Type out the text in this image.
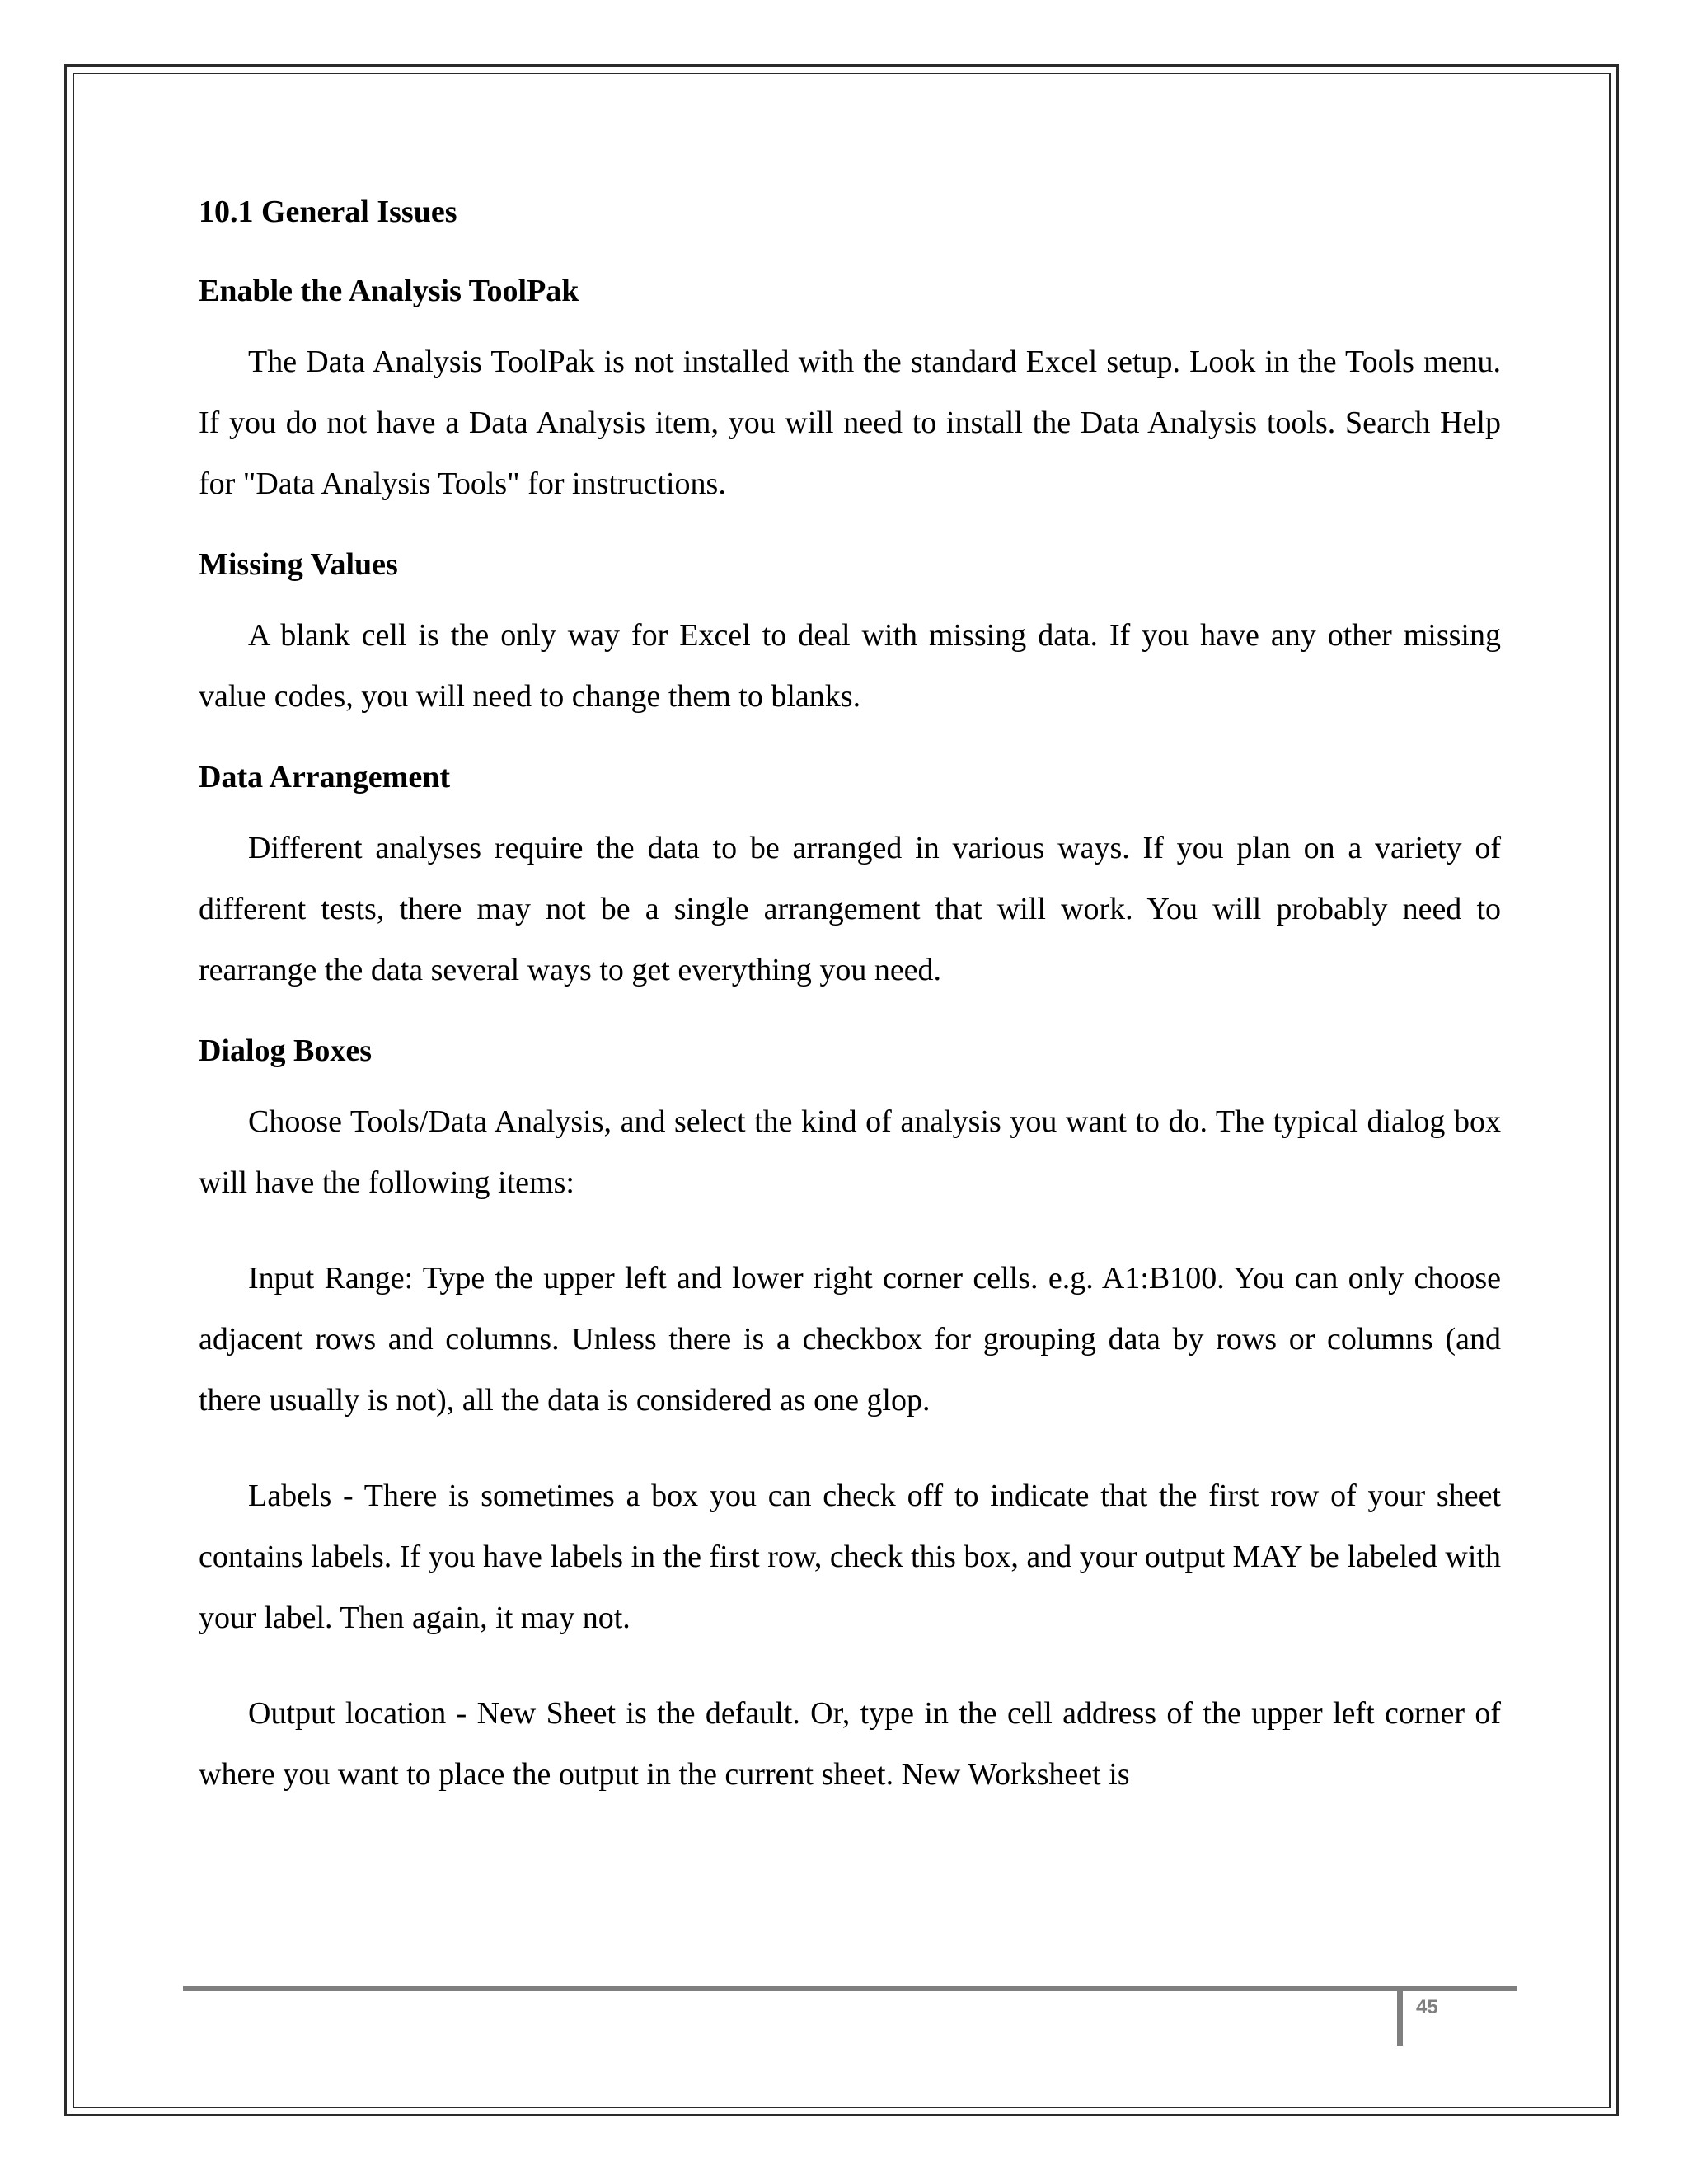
10.1 General Issues
Enable the Analysis ToolPak

The Data Analysis ToolPak is not installed with the standard Excel setup. Look in the Tools menu. If you do not have a Data Analysis item, you will need to install the Data Analysis tools. Search Help for "Data Analysis Tools" for instructions.

Missing Values

A blank cell is the only way for Excel to deal with missing data. If you have any other missing value codes, you will need to change them to blanks.

Data Arrangement

Different analyses require the data to be arranged in various ways. If you plan on a variety of different tests, there may not be a single arrangement that will work. You will probably need to rearrange the data several ways to get everything you need.

Dialog Boxes

Choose Tools/Data Analysis, and select the kind of analysis you want to do. The typical dialog box will have the following items:

Input Range: Type the upper left and lower right corner cells. e.g. A1:B100. You can only choose adjacent rows and columns. Unless there is a checkbox for grouping data by rows or columns (and there usually is not), all the data is considered as one glop.

Labels - There is sometimes a box you can check off to indicate that the first row of your sheet contains labels. If you have labels in the first row, check this box, and your output MAY be labeled with your label. Then again, it may not.

Output location - New Sheet is the default. Or, type in the cell address of the upper left corner of where you want to place the output in the current sheet. New Worksheet is

45
